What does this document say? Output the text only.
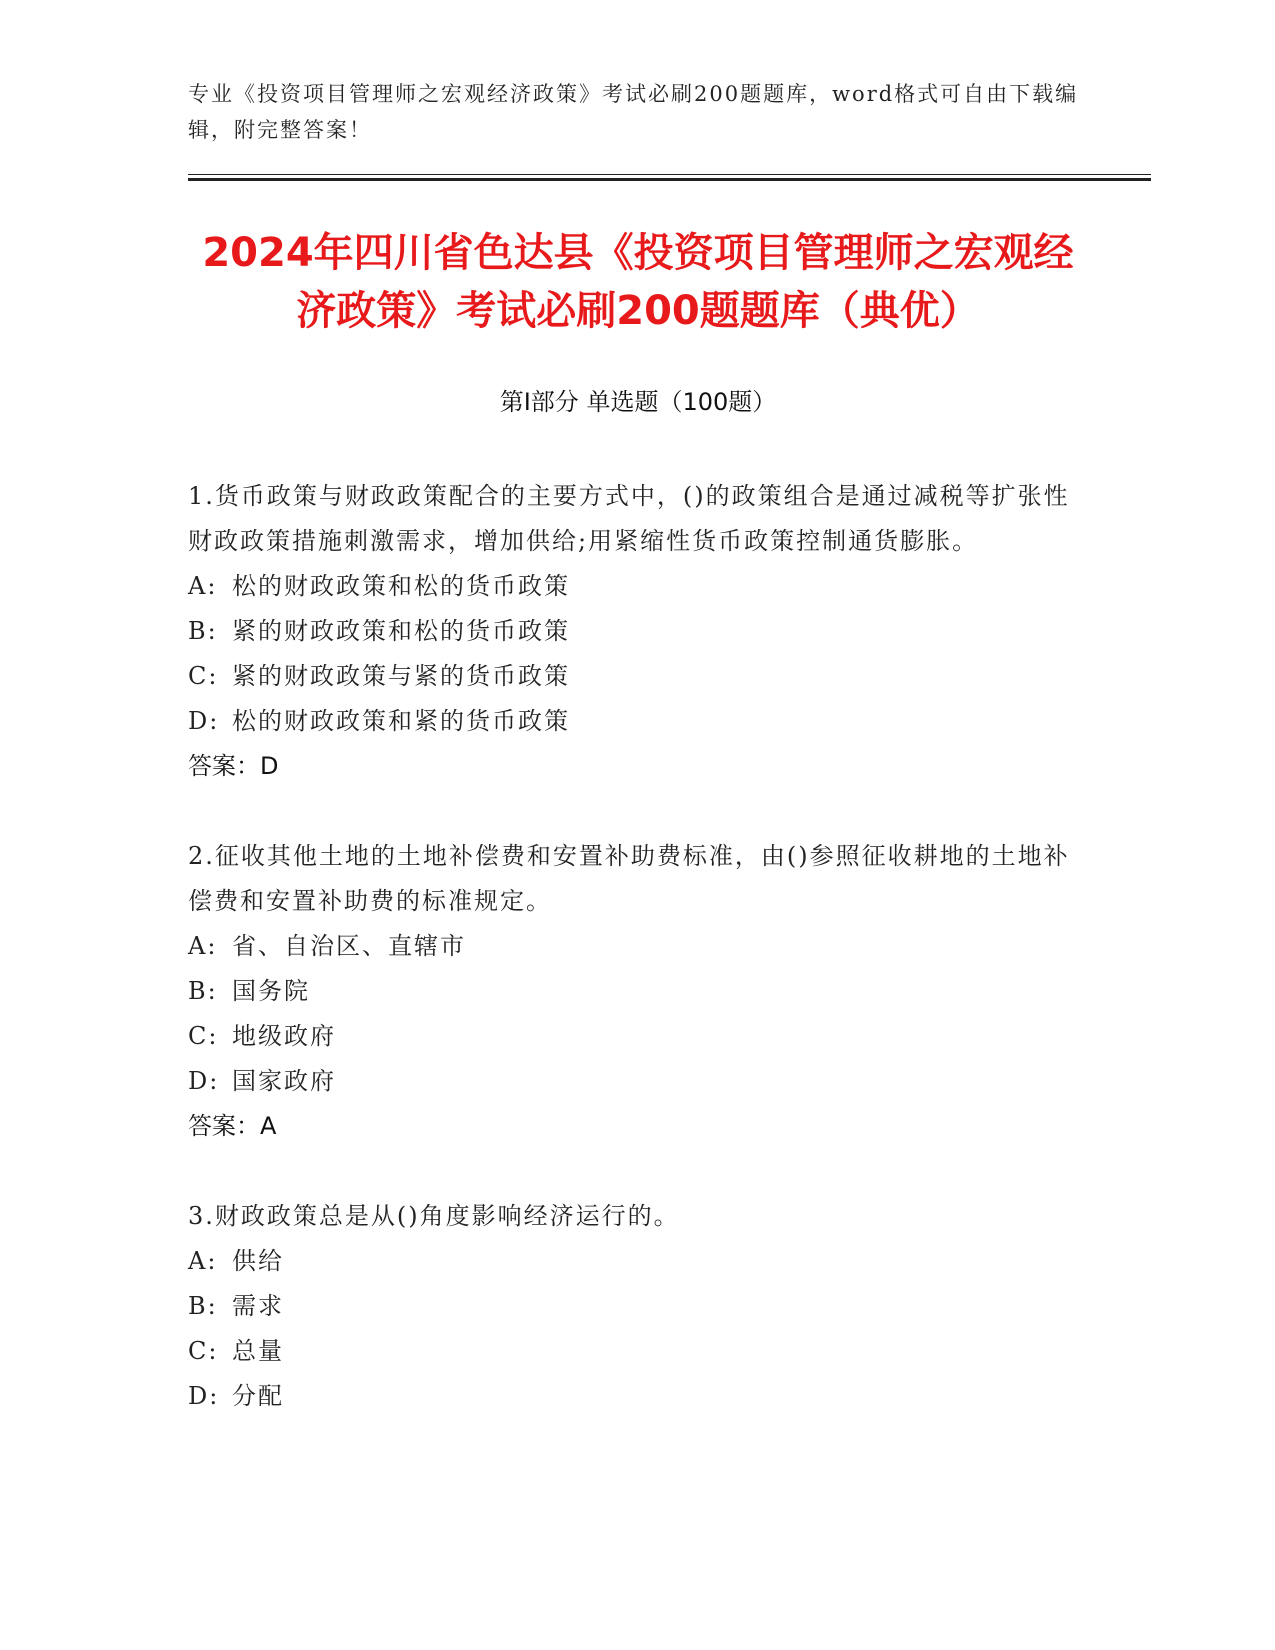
专业《投资项目管理师之宏观经济政策》考试必刷200题题库，word格式可自由下载编辑，附完整答案！
2024年四川省色达县《投资项目管理师之宏观经济政策》考试必刷200题题库（典优）
第I部分 单选题（100题）

1.货币政策与财政政策配合的主要方式中，()的政策组合是通过减税等扩张性财政政策措施刺激需求，增加供给;用紧缩性货币政策控制通货膨胀。

A: 松的财政政策和松的货币政策

B: 紧的财政政策和松的货币政策

C: 紧的财政政策与紧的货币政策

D: 松的财政政策和紧的货币政策

答案：D

2.征收其他土地的土地补偿费和安置补助费标准，由()参照征收耕地的土地补偿费和安置补助费的标准规定。

A: 省、自治区、直辖市

B: 国务院

C: 地级政府

D: 国家政府

答案：A

3.财政政策总是从()角度影响经济运行的。

A: 供给

B: 需求

C: 总量

D: 分配
